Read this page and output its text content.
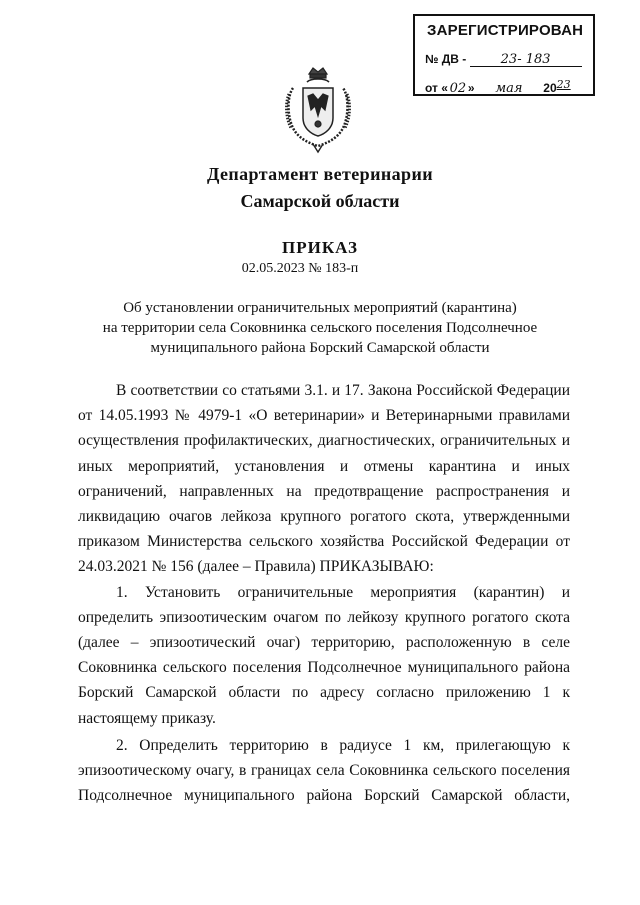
ЗАРЕГИСТРИРОВАН
№ ДВ -	23- 183
от « 02 » мая 2023
Департамент ветеринарии
Самарской области
ПРИКАЗ
02.05.2023 № 183-п
Об установлении ограничительных мероприятий (карантина)
на территории села Соковнинка сельского поселения Подсолнечное
муниципального района Борский Самарской области

В соответствии со статьями 3.1. и 17. Закона Российской Федерации

от 14.05.1993 № 4979-1 «О ветеринарии» и Ветеринарными правилами

осуществления профилактических, диагностических, ограничительных и

иных мероприятий, установления и отмены карантина и иных

ограничений, направленных на предотвращение распространения и

ликвидацию очагов лейкоза крупного рогатого скота, утвержденными

приказом Министерства сельского хозяйства Российской Федерации от

24.03.2021 № 156 (далее – Правила) ПРИКАЗЫВАЮ:

1. Установить ограничительные мероприятия (карантин) и

определить эпизоотическим очагом по лейкозу крупного рогатого скота

(далее – эпизоотический очаг) территорию, расположенную в селе

Соковнинка сельского поселения Подсолнечное муниципального района

Борский Самарской области по адресу согласно приложению 1 к

настоящему приказу.

2. Определить территорию в радиусе 1 км, прилегающую к

эпизоотическому очагу, в границах села Соковнинка сельского поселения

Подсолнечное муниципального района Борский Самарской области,
